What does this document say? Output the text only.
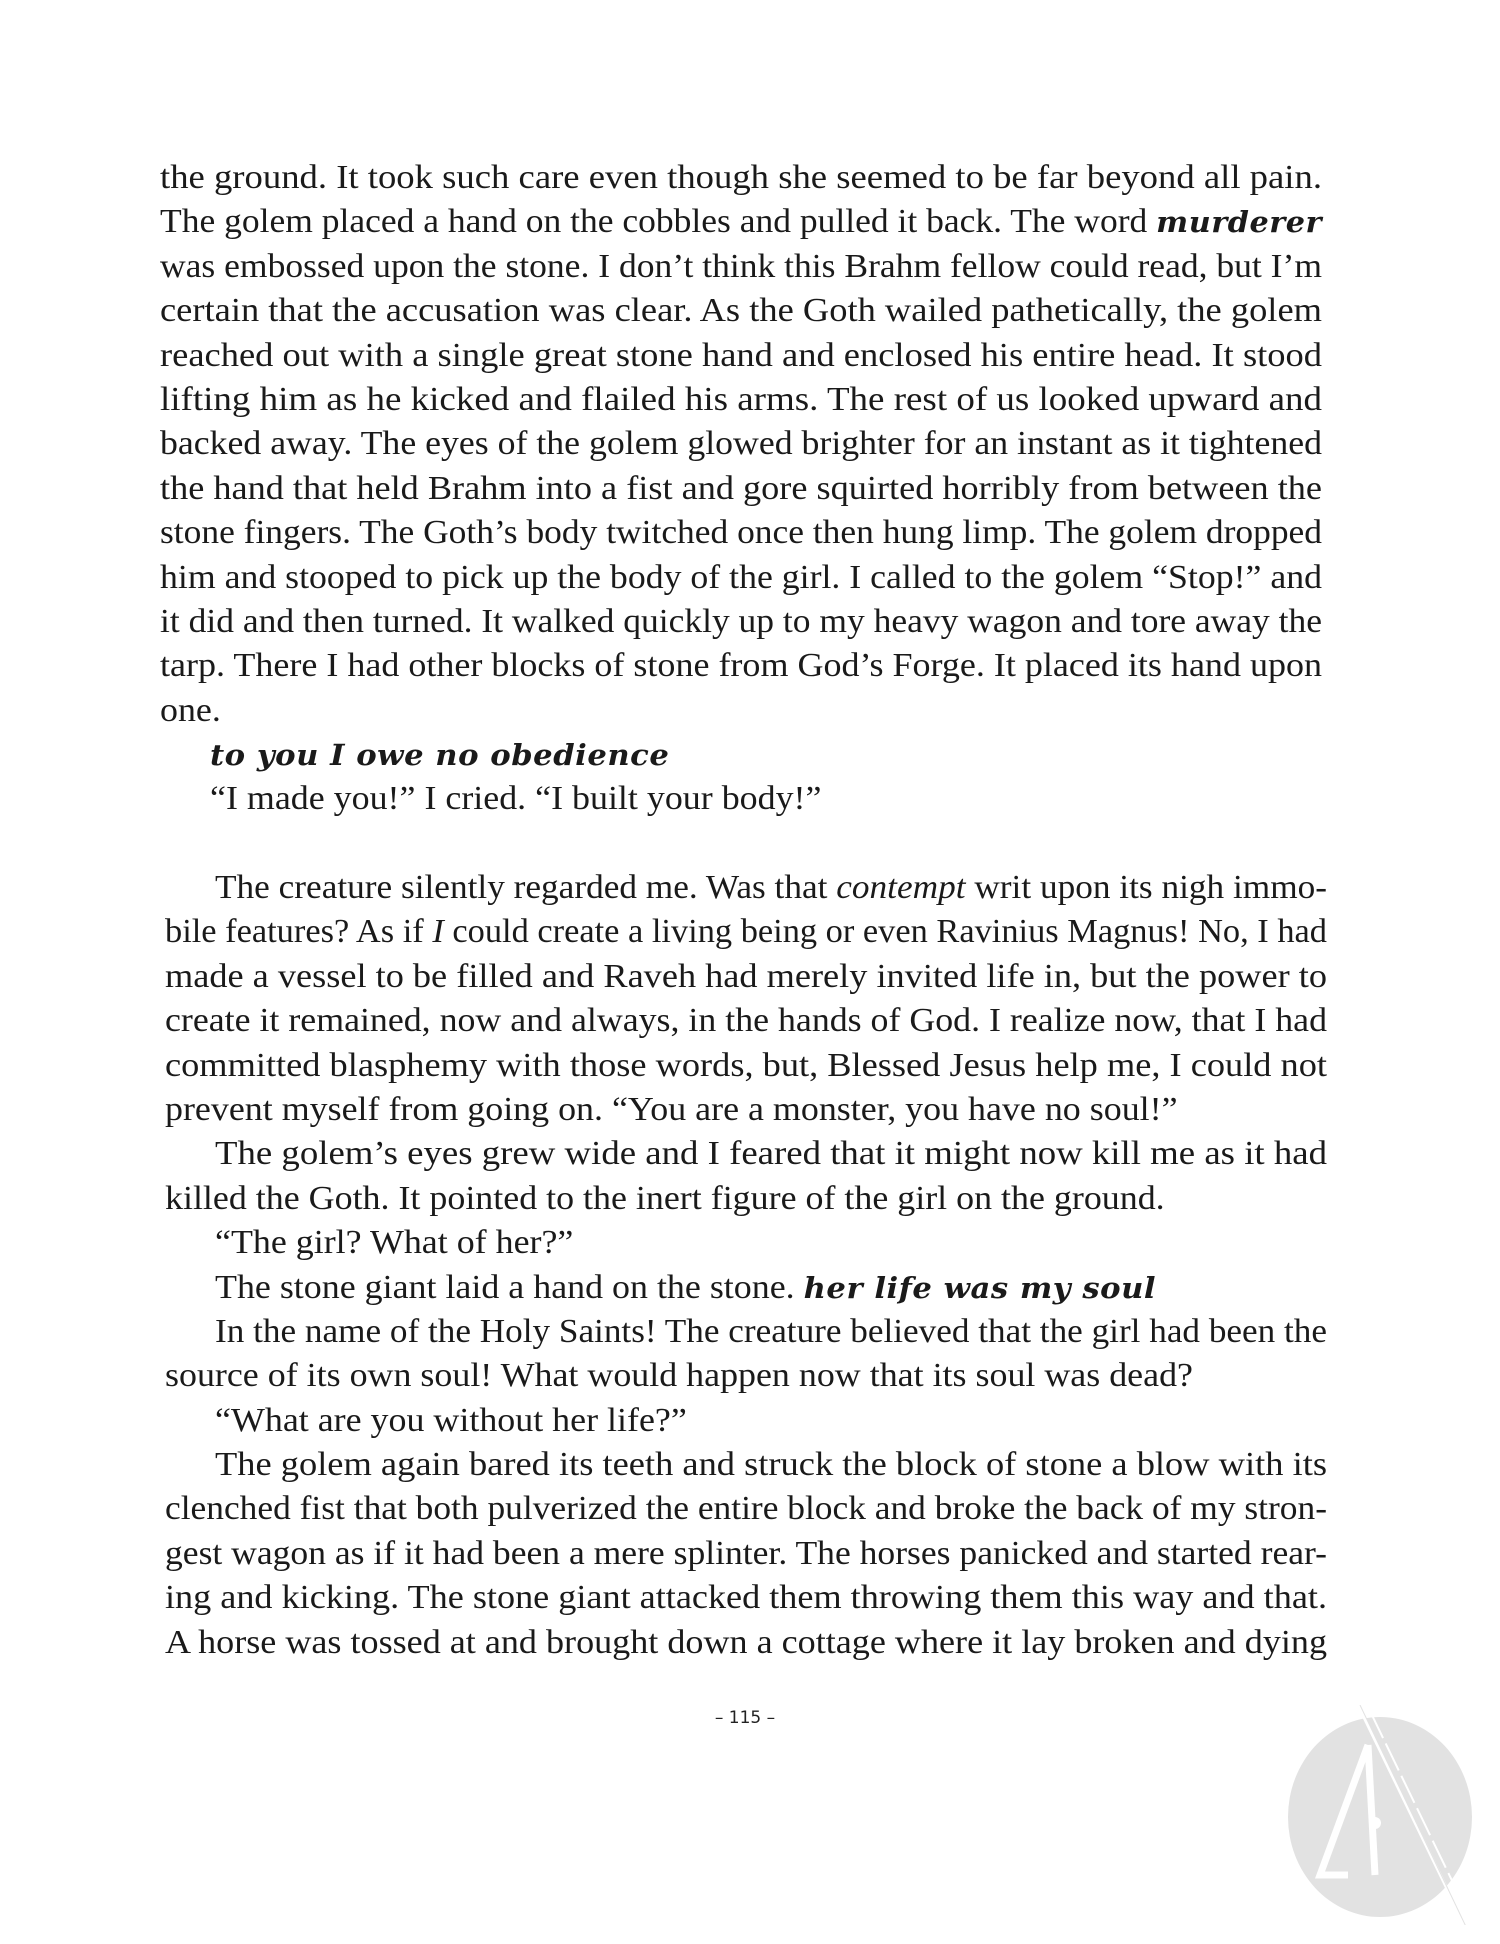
the ground. It took such care even though she seemed to be far beyond all pain.
The golem placed a hand on the cobbles and pulled it back. The word murderer
was embossed upon the stone. I don’t think this Brahm fellow could read, but I’m
certain that the accusation was clear. As the Goth wailed pathetically, the golem
reached out with a single great stone hand and enclosed his entire head. It stood
lifting him as he kicked and flailed his arms. The rest of us looked upward and
backed away. The eyes of the golem glowed brighter for an instant as it tightened
the hand that held Brahm into a fist and gore squirted horribly from between the
stone fingers. The Goth’s body twitched once then hung limp. The golem dropped
him and stooped to pick up the body of the girl. I called to the golem “Stop!” and
it did and then turned. It walked quickly up to my heavy wagon and tore away the
tarp. There I had other blocks of stone from God’s Forge. It placed its hand upon
one.
to you I owe no obedience
“I made you!” I cried. “I built your body!”
The creature silently regarded me. Was that contempt writ upon its nigh immo-
bile features? As if I could create a living being or even Ravinius Magnus! No, I had
made a vessel to be filled and Raveh had merely invited life in, but the power to
create it remained, now and always, in the hands of God. I realize now, that I had
committed blasphemy with those words, but, Blessed Jesus help me, I could not
prevent myself from going on. “You are a monster, you have no soul!”
The golem’s eyes grew wide and I feared that it might now kill me as it had
killed the Goth. It pointed to the inert figure of the girl on the ground.
“The girl? What of her?”
The stone giant laid a hand on the stone. her life was my soul
In the name of the Holy Saints! The creature believed that the girl had been the
source of its own soul! What would happen now that its soul was dead?
“What are you without her life?”
The golem again bared its teeth and struck the block of stone a blow with its
clenched fist that both pulverized the entire block and broke the back of my stron-
gest wagon as if it had been a mere splinter. The horses panicked and started rear-
ing and kicking. The stone giant attacked them throwing them this way and that.
A horse was tossed at and brought down a cottage where it lay broken and dying
– 115 –
